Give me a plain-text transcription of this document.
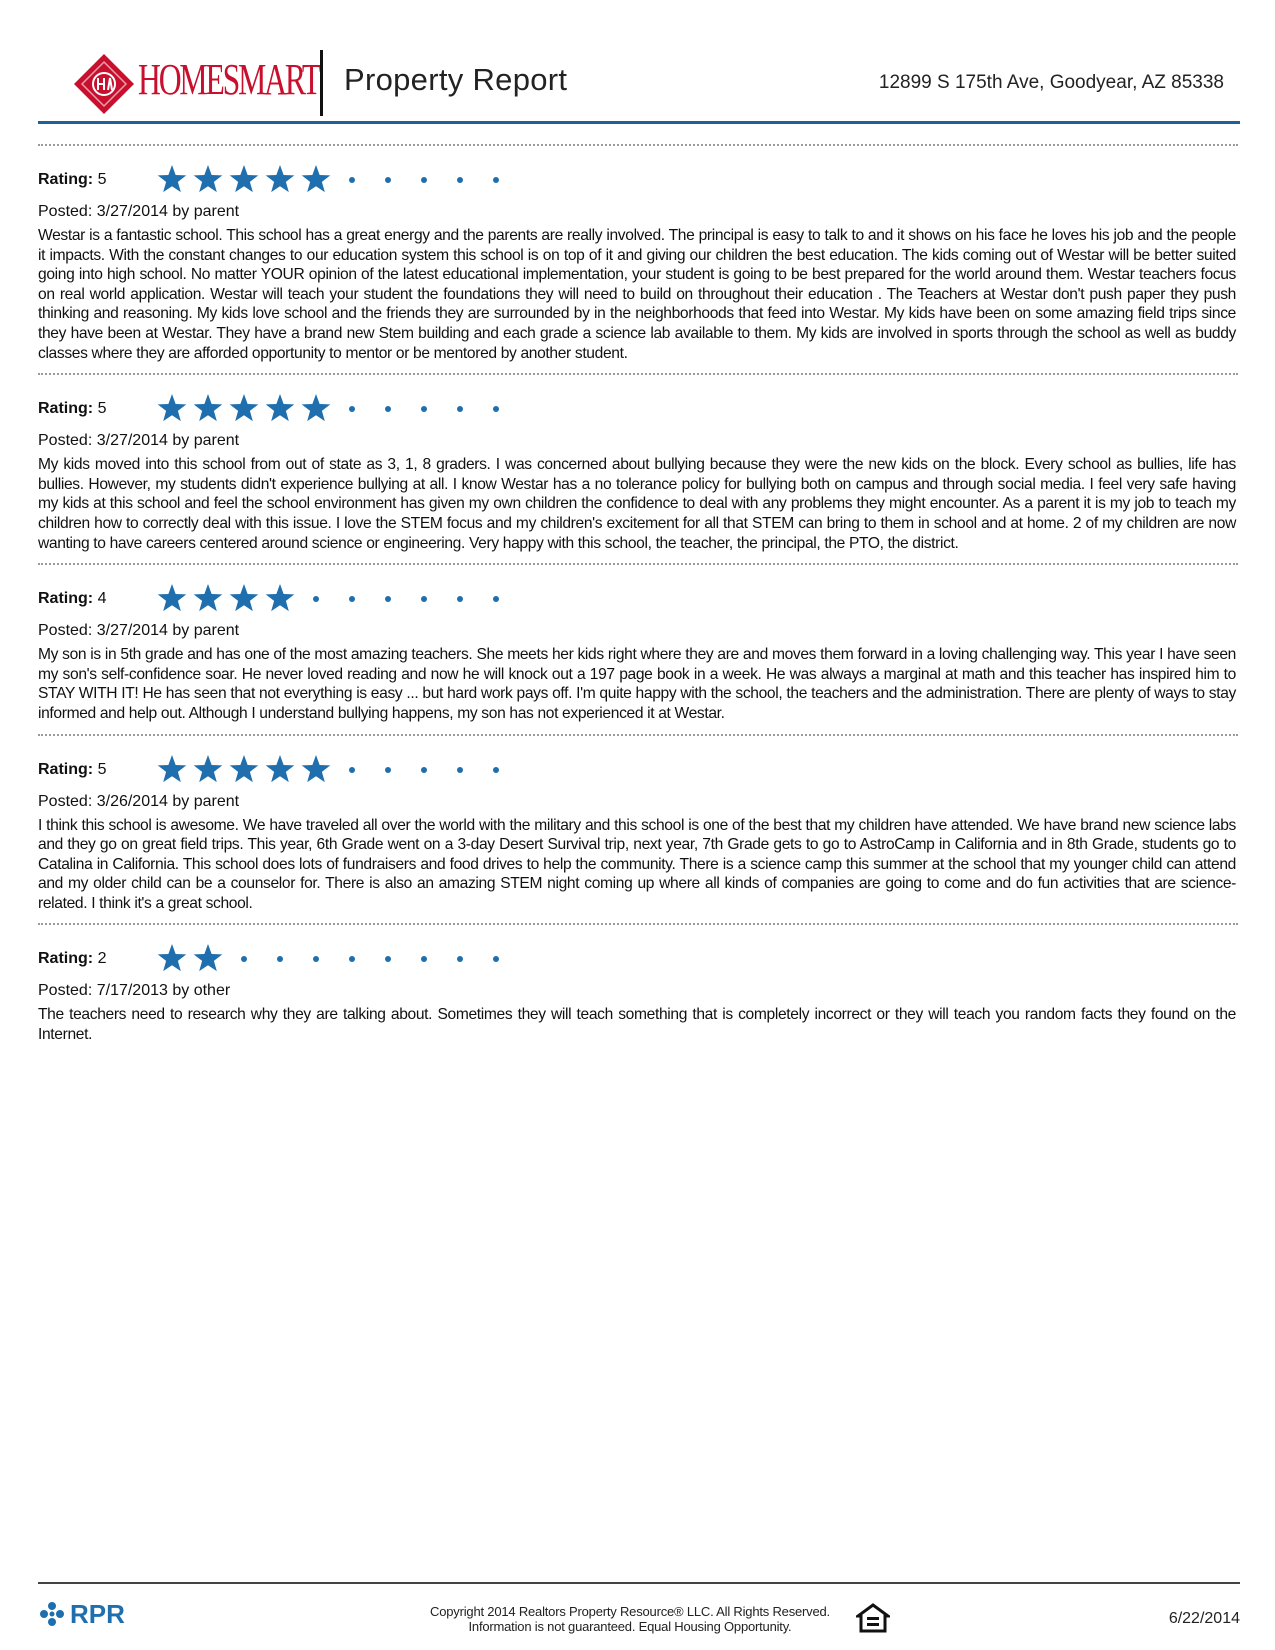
HOMESMART Property Report	12899 S 175th Ave, Goodyear, AZ 85338
Rating: 5
Posted: 3/27/2014 by parent
Westar is a fantastic school. This school has a great energy and the parents are really involved. The principal is easy to talk to and it shows on his face he loves his job and the people it impacts. With the constant changes to our education system this school is on top of it and giving our children the best education. The kids coming out of Westar will be better suited going into high school. No matter YOUR opinion of the latest educational implementation, your student is going to be best prepared for the world around them. Westar teachers focus on real world application. Westar will teach your student the foundations they will need to build on throughout their education . The Teachers at Westar don't push paper they push thinking and reasoning. My kids love school and the friends they are surrounded by in the neighborhoods that feed into Westar. My kids have been on some amazing field trips since they have been at Westar. They have a brand new Stem building and each grade a science lab available to them. My kids are involved in sports through the school as well as buddy classes where they are afforded opportunity to mentor or be mentored by another student.
Rating: 5
Posted: 3/27/2014 by parent
My kids moved into this school from out of state as 3, 1, 8 graders. I was concerned about bullying because they were the new kids on the block. Every school as bullies, life has bullies. However, my students didn't experience bullying at all. I know Westar has a no tolerance policy for bullying both on campus and through social media. I feel very safe having my kids at this school and feel the school environment has given my own children the confidence to deal with any problems they might encounter. As a parent it is my job to teach my children how to correctly deal with this issue. I love the STEM focus and my children's excitement for all that STEM can bring to them in school and at home. 2 of my children are now wanting to have careers centered around science or engineering. Very happy with this school, the teacher, the principal, the PTO, the district.
Rating: 4
Posted: 3/27/2014 by parent
My son is in 5th grade and has one of the most amazing teachers. She meets her kids right where they are and moves them forward in a loving challenging way. This year I have seen my son's self-confidence soar. He never loved reading and now he will knock out a 197 page book in a week. He was always a marginal at math and this teacher has inspired him to STAY WITH IT! He has seen that not everything is easy ... but hard work pays off. I'm quite happy with the school, the teachers and the administration. There are plenty of ways to stay informed and help out. Although I understand bullying happens, my son has not experienced it at Westar.
Rating: 5
Posted: 3/26/2014 by parent
I think this school is awesome. We have traveled all over the world with the military and this school is one of the best that my children have attended. We have brand new science labs and they go on great field trips. This year, 6th Grade went on a 3-day Desert Survival trip, next year, 7th Grade gets to go to AstroCamp in California and in 8th Grade, students go to Catalina in California. This school does lots of fundraisers and food drives to help the community. There is a science camp this summer at the school that my younger child can attend and my older child can be a counselor for. There is also an amazing STEM night coming up where all kinds of companies are going to come and do fun activities that are science-related. I think it's a great school.
Rating: 2
Posted: 7/17/2013 by other
The teachers need to research why they are talking about. Sometimes they will teach something that is completely incorrect or they will teach you random facts they found on the Internet.
RPR	Copyright 2014 Realtors Property Resource® LLC. All Rights Reserved.
Information is not guaranteed. Equal Housing Opportunity.	6/22/2014
